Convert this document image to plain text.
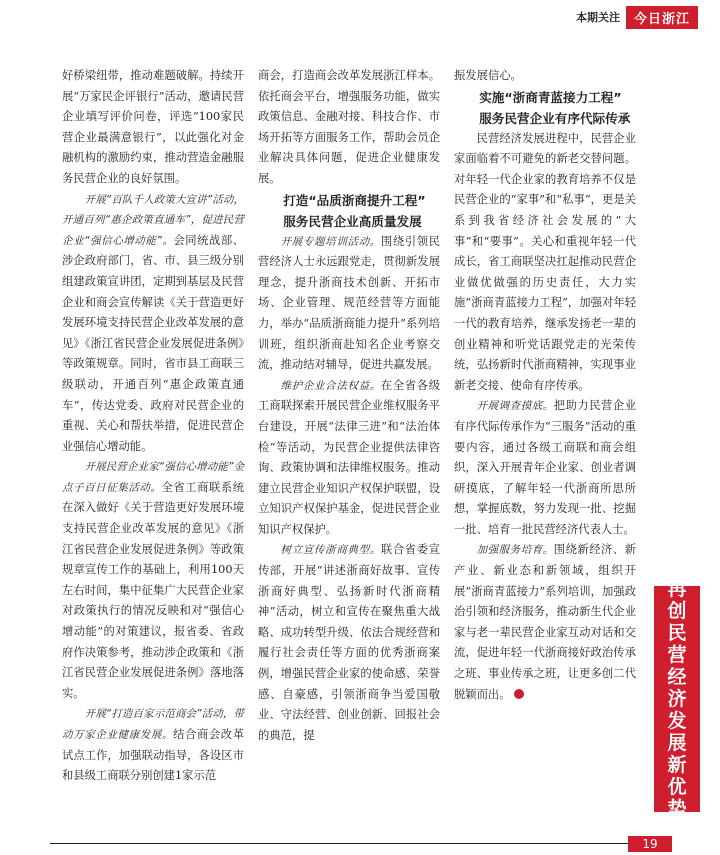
本期关注	今日浙江

好桥梁纽带，推动难题破解。持续开展“万家民企评银行”活动，邀请民营企业填写评价问卷，评选“100家民营企业最满意银行”，以此强化对金融机构的激励约束，推动营造金融服务民营企业的良好氛围。

开展“百队千人政策大宣讲”活动，开通百列“惠企政策直通车”，促进民营企业“强信心增动能”。会同统战部、涉企政府部门，省、市、县三级分别组建政策宣讲团，定期到基层及民营企业和商会宣传解读《关于营造更好发展环境支持民营企业改革发展的意见》《浙江省民营企业发展促进条例》等政策规章。同时，省市县工商联三级联动，开通百列“惠企政策直通车”，传达党委、政府对民营企业的重视、关心和帮扶举措，促进民营企业强信心增动能。

开展民营企业家“强信心增动能”金点子百日征集活动。全省工商联系统在深入做好《关于营造更好发展环境支持民营企业改革发展的意见》《浙江省民营企业发展促进条例》等政策规章宣传工作的基础上，利用100天左右时间，集中征集广大民营企业家对政策执行的情况反映和对“强信心增动能”的对策建议，报省委、省政府作决策参考，推动涉企政策和《浙江省民营企业发展促进条例》落地落实。

开展“打造百家示范商会”活动，带动万家企业健康发展。结合商会改革试点工作，加强联动指导，各设区市和县级工商联分别创建1家示范

商会，打造商会改革发展浙江样本。依托商会平台，增强服务功能，做实政策信息、金融对接、科技合作、市场开拓等方面服务工作，帮助会员企业解决具体问题，促进企业健康发展。

打造“品质浙商提升工程”
服务民营企业高质量发展

开展专题培训活动。围绕引领民营经济人士永远跟党走，贯彻新发展理念，提升浙商技术创新、开拓市场、企业管理、规范经营等方面能力，举办“品质浙商能力提升”系列培训班，组织浙商赴知名企业考察交流，推动结对辅导，促进共赢发展。

维护企业合法权益。在全省各级工商联探索开展民营企业维权服务平台建设，开展“法律三进”和“法治体检”等活动，为民营企业提供法律咨询、政策协调和法律维权服务。推动建立民营企业知识产权保护联盟，设立知识产权保护基金，促进民营企业知识产权保护。

树立宣传浙商典型。联合省委宣传部，开展“讲述浙商好故事、宣传浙商好典型、弘扬新时代浙商精神”活动，树立和宣传在聚焦重大战略、成功转型升级、依法合规经营和履行社会责任等方面的优秀浙商案例，增强民营企业家的使命感、荣誉感、自豪感，引领浙商争当爱国敬业、守法经营、创业创新、回报社会的典范，提

振发展信心。

实施“浙商青蓝接力工程”
服务民营企业有序代际传承

民营经济发展进程中，民营企业家面临着不可避免的新老交替问题。对年轻一代企业家的教育培养不仅是民营企业的“家事”和“私事”，更是关系到我省经济社会发展的“大事”和“要事”。关心和重视年轻一代成长，省工商联坚决扛起推动民营企业做优做强的历史责任，大力实施“浙商青蓝接力工程”，加强对年轻一代的教育培养，继承发扬老一辈的创业精神和听党话跟党走的光荣传统，弘扬新时代浙商精神，实现事业新老交接、使命有序传承。

开展调查摸底。把助力民营企业有序代际传承作为“三服务”活动的重要内容，通过各级工商联和商会组织，深入开展青年企业家、创业者调研摸底，了解年轻一代浙商所思所想，掌握底数，努力发现一批、挖掘一批、培育一批民营经济代表人士。

加强服务培育。围绕新经济、新产业、新业态和新领域，组织开展“浙商青蓝接力”系列培训，加强政治引领和经济服务，推动新生代企业家与老一辈民营企业家互动对话和交流，促进年轻一代浙商接好政治传承之班、事业传承之班，让更多创二代脱颖而出。

再
创
民
营
经
济
发
展
新
优
势
19
